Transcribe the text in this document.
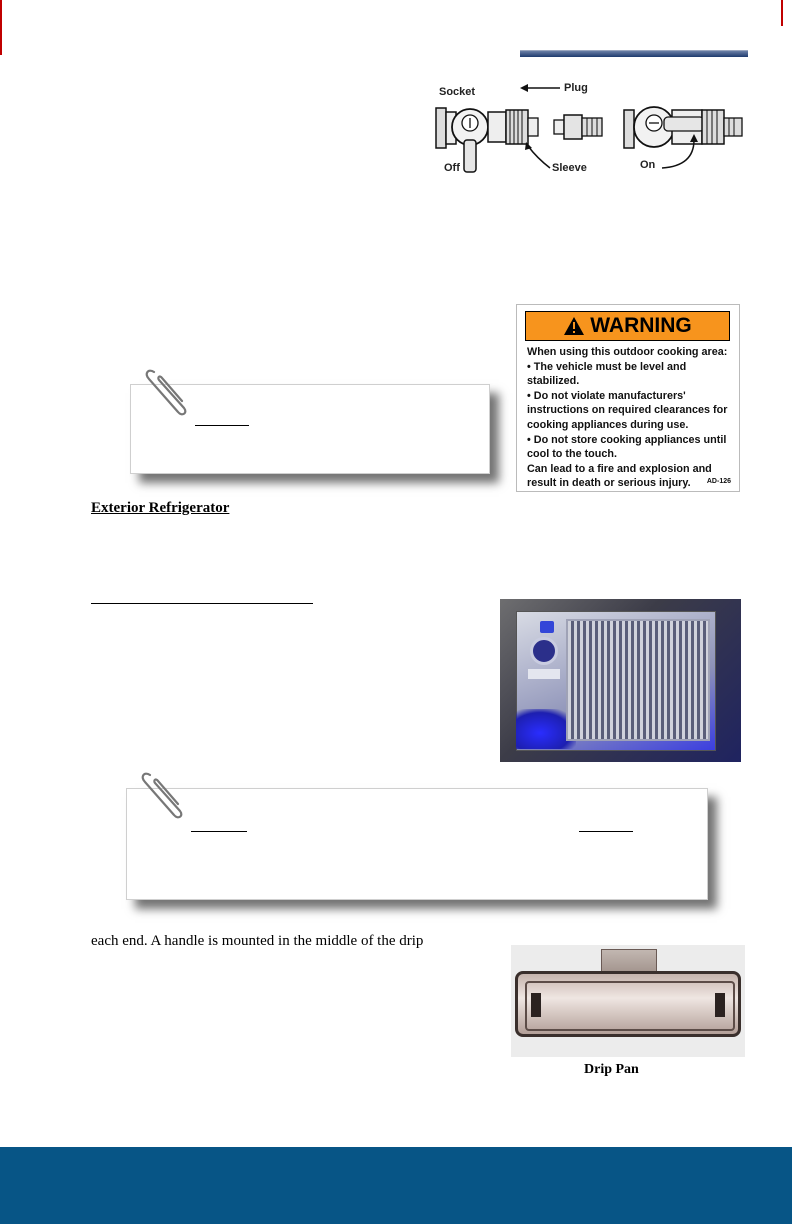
Socket	Plug
Off	Sleeve	On
WARNING
When using this outdoor cooking area:
• The vehicle must be level and stabilized.
• Do not violate manufacturers' instructions on required clearances for cooking appliances during use.
• Do not store cooking appliances until cool to the touch.
Can lead to a fire and explosion and result in death or serious injury.	AD-126
Exterior Refrigerator
each end. A handle is mounted in the middle of the drip
Drip Pan
